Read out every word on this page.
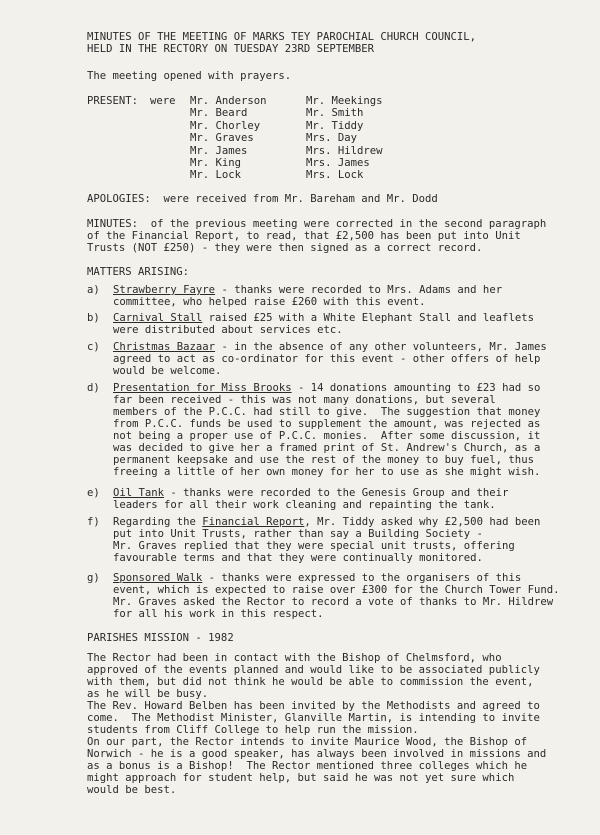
MINUTES OF THE MEETING OF MARKS TEY PAROCHIAL CHURCH COUNCIL,
HELD IN THE RECTORY ON TUESDAY 23RD SEPTEMBER
The meeting opened with prayers.
PRESENT: were Mr. Anderson
Mr. Beard
Mr. Chorley
Mr. Graves
Mr. James
Mr. King
Mr. Lock
Mr. Meekings
Mr. Smith
Mr. Tiddy
Mrs. Day
Mrs. Hildrew
Mrs. James
Mrs. Lock
APOLOGIES: were received from Mr. Bareham and Mr. Dodd
MINUTES: of the previous meeting were corrected in the second paragraph
of the Financial Report, to read, that £2,500 has been put into Unit
Trusts (NOT £250) - they were then signed as a correct record.
MATTERS ARISING:
a) Strawberry Fayre - thanks were recorded to Mrs. Adams and her
committee, who helped raise £260 with this event.
b) Carnival Stall raised £25 with a White Elephant Stall and leaflets
were distributed about services etc.
c) Christmas Bazaar - in the absence of any other volunteers, Mr. James
agreed to act as co-ordinator for this event - other offers of help
would be welcome.
d) Presentation for Miss Brooks - 14 donations amounting to £23 had so
far been received - this was not many donations, but several
members of the P.C.C. had still to give.  The suggestion that money
from P.C.C. funds be used to supplement the amount, was rejected as
not being a proper use of P.C.C. monies.  After some discussion, it
was decided to give her a framed print of St. Andrew's Church, as a
permanent keepsake and use the rest of the money to buy fuel, thus
freeing a little of her own money for her to use as she might wish.
e) Oil Tank - thanks were recorded to the Genesis Group and their
leaders for all their work cleaning and repainting the tank.
f) Regarding the Financial Report, Mr. Tiddy asked why £2,500 had been
put into Unit Trusts, rather than say a Building Society -
Mr. Graves replied that they were special unit trusts, offering
favourable terms and that they were continually monitored.
g) Sponsored Walk - thanks were expressed to the organisers of this
event, which is expected to raise over £300 for the Church Tower Fund.
Mr. Graves asked the Rector to record a vote of thanks to Mr. Hildrew
for all his work in this respect.
PARISHES MISSION - 1982
The Rector had been in contact with the Bishop of Chelmsford, who
approved of the events planned and would like to be associated publicly
with them, but did not think he would be able to commission the event,
as he will be busy.
The Rev. Howard Belben has been invited by the Methodists and agreed to
come.  The Methodist Minister, Glanville Martin, is intending to invite
students from Cliff College to help run the mission.
On our part, the Rector intends to invite Maurice Wood, the Bishop of
Norwich - he is a good speaker, has always been involved in missions and
as a bonus is a Bishop!  The Rector mentioned three colleges which he
might approach for student help, but said he was not yet sure which
would be best.
